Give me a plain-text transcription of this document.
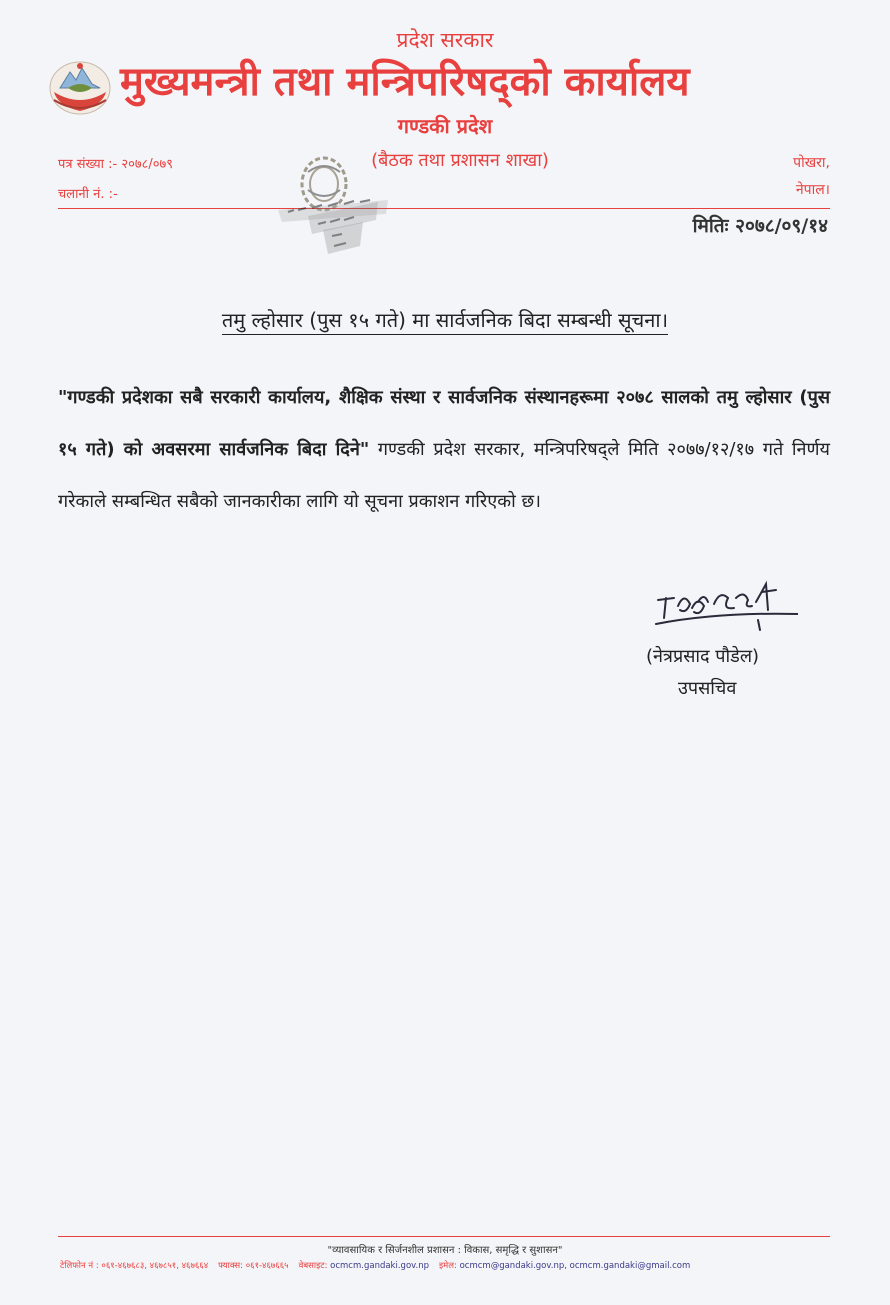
प्रदेश सरकार
मुख्यमन्त्री तथा मन्त्रिपरिषद्को कार्यालय
गण्डकी प्रदेश
(बैठक तथा प्रशासन शाखा)
पत्र संख्या :- २०७८/०७९
चलानी नं. :-
पोखरा,
नेपाल।
मितिः २०७८/०९/१४
तमु ल्होसार (पुस १५ गते) मा सार्वजनिक बिदा सम्बन्धी सूचना।
"गण्डकी प्रदेशका सबै सरकारी कार्यालय, शैक्षिक संस्था र सार्वजनिक संस्थानहरूमा २०७८ सालको तमु ल्होसार (पुस १५ गते) को अवसरमा सार्वजनिक बिदा दिने" गण्डकी प्रदेश सरकार, मन्त्रिपरिषद्ले मिति २०७७/१२/१७ गते निर्णय गरेकाले सम्बन्धित सबैको जानकारीका लागि यो सूचना प्रकाशन गरिएको छ।
(नेत्रप्रसाद पौडेल)
उपसचिव
"व्यावसायिक र सिर्जनशील प्रशासन : विकास, समृद्धि र सुशासन"
टेलिफोन नं : ०६१-४६७६८३, ४६७८५१, ४६७६६४ फ्याक्स: ०६१-४६७६६५ वेबसाइट: ocmcm.gandaki.gov.np इमेल: ocmcm@gandaki.gov.np, ocmcm.gandaki@gmail.com
